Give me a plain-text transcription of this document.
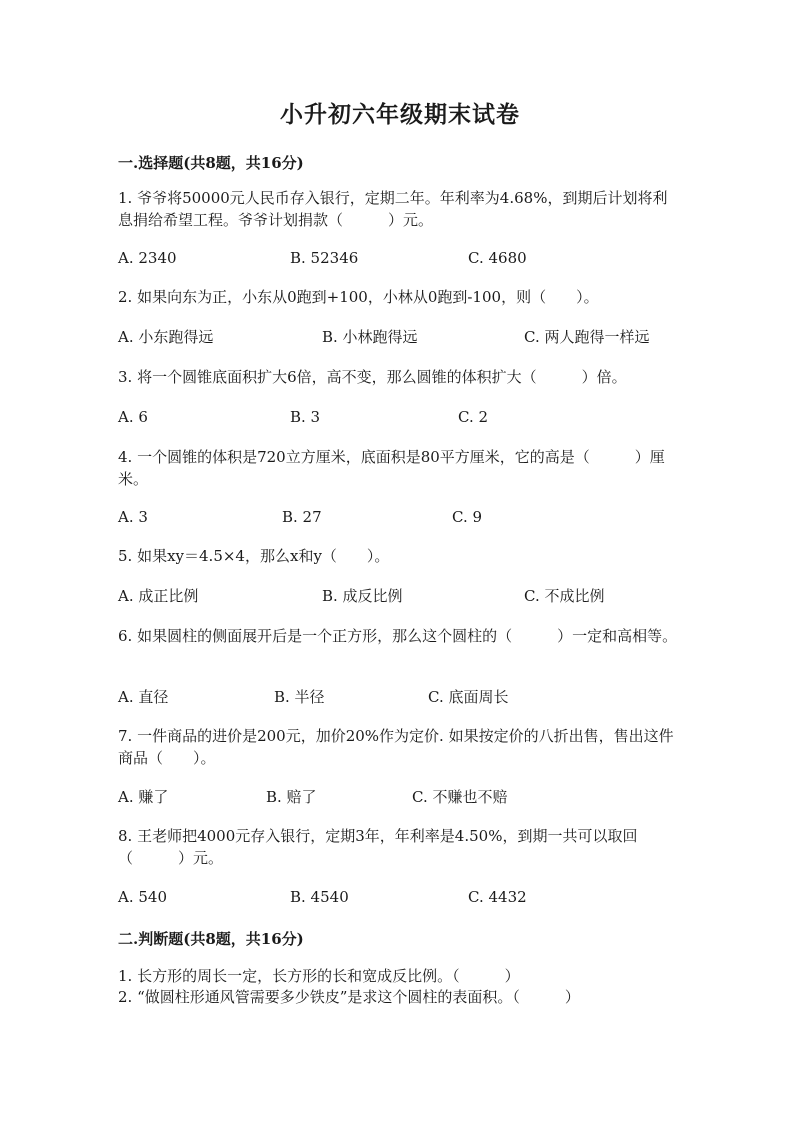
小升初六年级期末试卷
一.选择题(共8题，共16分)
1. 爷爷将50000元人民币存入银行，定期二年。年利率为4.68%，到期后计划将利息捐给希望工程。爷爷计划捐款（　　　）元。
A. 2340	B. 52346	C. 4680
2. 如果向东为正，小东从0跑到+100，小林从0跑到-100，则（　　）。
A. 小东跑得远	B. 小林跑得远	C. 两人跑得一样远
3. 将一个圆锥底面积扩大6倍，高不变，那么圆锥的体积扩大（　　　）倍。
A. 6	B. 3	C. 2
4. 一个圆锥的体积是720立方厘米，底面积是80平方厘米，它的高是（　　　）厘米。
A. 3	B. 27	C. 9
5. 如果xy＝4.5×4，那么x和y（　　）。
A. 成正比例	B. 成反比例	C. 不成比例
6. 如果圆柱的侧面展开后是一个正方形，那么这个圆柱的（　　　）一定和高相等。
A. 直径	B. 半径	C. 底面周长
7. 一件商品的进价是200元，加价20%作为定价. 如果按定价的八折出售，售出这件商品（　　）。
A. 赚了	B. 赔了	C. 不赚也不赔
8. 王老师把4000元存入银行，定期3年，年利率是4.50%，到期一共可以取回（　　　）元。
A. 540	B. 4540	C. 4432
二.判断题(共8题，共16分)
1. 长方形的周长一定，长方形的长和宽成反比例。（　　　）
2. “做圆柱形通风管需要多少铁皮”是求这个圆柱的表面积。（　　　）
